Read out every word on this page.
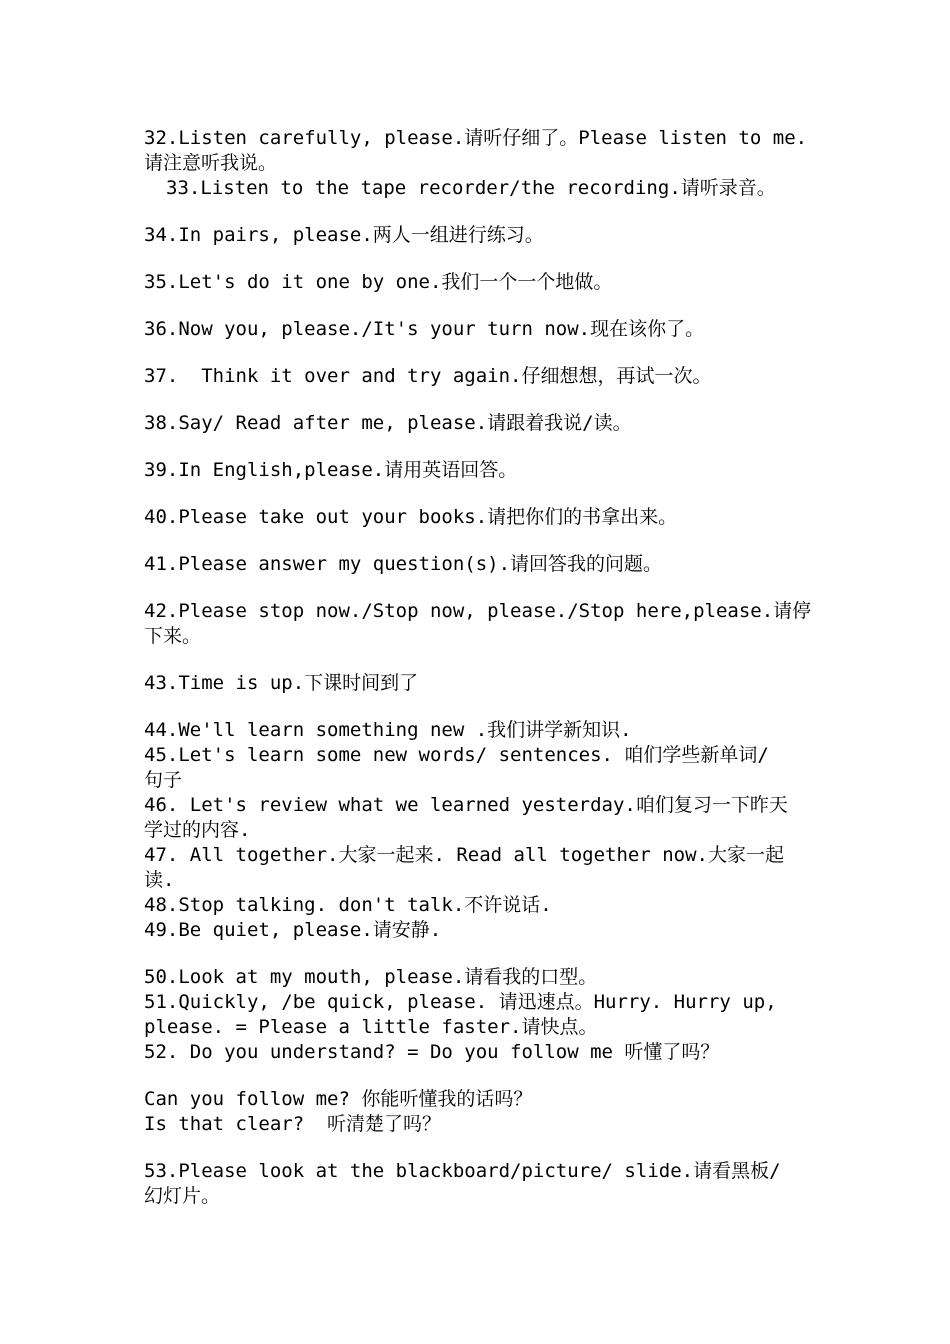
32.Listen carefully, please.请听仔细了。Please listen to me.
请注意听我说。
33.Listen to the tape recorder/the recording.请听录音。
34.In pairs, please.两人一组进行练习。
35.Let's do it one by one.我们一个一个地做。
36.Now you, please./It's your turn now.现在该你了。
37.  Think it over and try again.仔细想想，再试一次。
38.Say/ Read after me, please.请跟着我说/读。
39.In English,please.请用英语回答。
40.Please take out your books.请把你们的书拿出来。
41.Please answer my question(s).请回答我的问题。
42.Please stop now./Stop now, please./Stop here,please.请停
下来。
43.Time is up.下课时间到了
44.We'll learn something new .我们讲学新知识.
45.Let's learn some new words/ sentences. 咱们学些新单词/
句子
46. Let's review what we learned yesterday.咱们复习一下昨天
学过的内容.
47. All together.大家一起来. Read all together now.大家一起
读.
48.Stop talking. don't talk.不许说话.
49.Be quiet, please.请安静.
50.Look at my mouth, please.请看我的口型。
51.Quickly, /be quick, please. 请迅速点。Hurry. Hurry up,
please. = Please a little faster.请快点。
52. Do you understand? = Do you follow me 听懂了吗？
Can you follow me? 你能听懂我的话吗？
Is that clear?  听清楚了吗？
53.Please look at the blackboard/picture/ slide.请看黑板/
幻灯片。
